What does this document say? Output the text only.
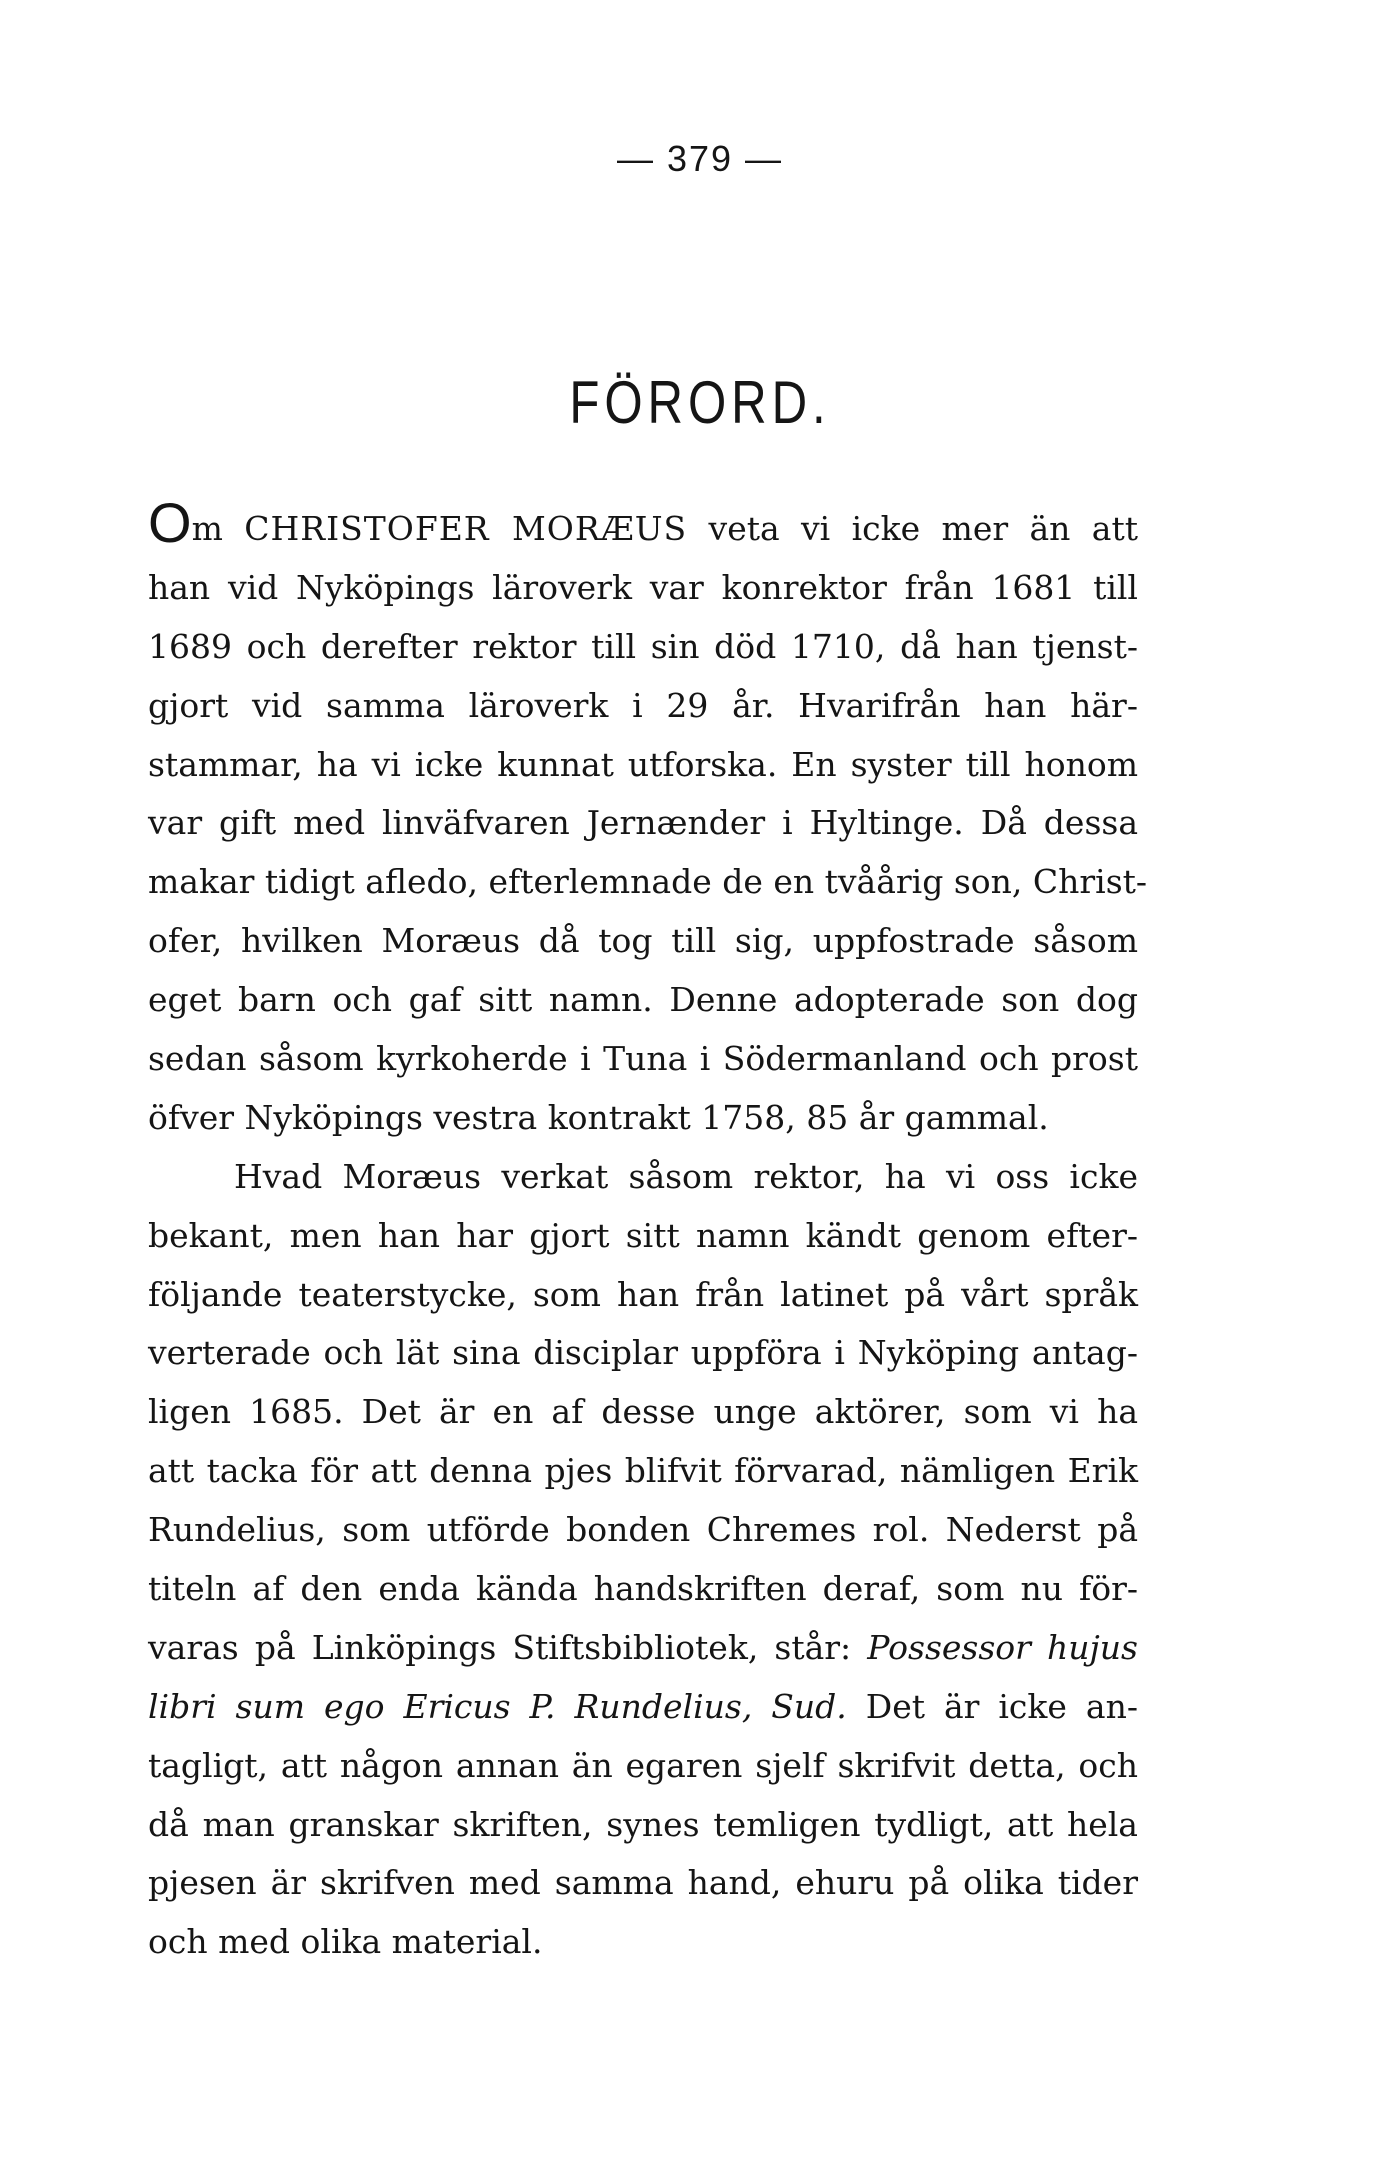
— 379 —
FÖRORD.
Om CHRISTOFER MORÆUS veta vi icke mer än att
han vid Nyköpings läroverk var konrektor från 1681 till
1689 och derefter rektor till sin död 1710, då han tjenst-
gjort vid samma läroverk i 29 år. Hvarifrån han här-
stammar, ha vi icke kunnat utforska. En syster till honom
var gift med linväfvaren Jernænder i Hyltinge. Då dessa
makar tidigt afledo, efterlemnade de en tvåårig son, Christ-
ofer, hvilken Moræus då tog till sig, uppfostrade såsom
eget barn och gaf sitt namn. Denne adopterade son dog
sedan såsom kyrkoherde i Tuna i Södermanland och prost
öfver Nyköpings vestra kontrakt 1758, 85 år gammal.
Hvad Moræus verkat såsom rektor, ha vi oss icke
bekant, men han har gjort sitt namn kändt genom efter-
följande teaterstycke, som han från latinet på vårt språk
verterade och lät sina disciplar uppföra i Nyköping antag-
ligen 1685. Det är en af desse unge aktörer, som vi ha
att tacka för att denna pjes blifvit förvarad, nämligen Erik
Rundelius, som utförde bonden Chremes rol. Nederst på
titeln af den enda kända handskriften deraf, som nu för-
varas på Linköpings Stiftsbibliotek, står: Possessor hujus
libri sum ego Ericus P. Rundelius, Sud. Det är icke an-
tagligt, att någon annan än egaren sjelf skrifvit detta, och
då man granskar skriften, synes temligen tydligt, att hela
pjesen är skrifven med samma hand, ehuru på olika tider
och med olika material.
